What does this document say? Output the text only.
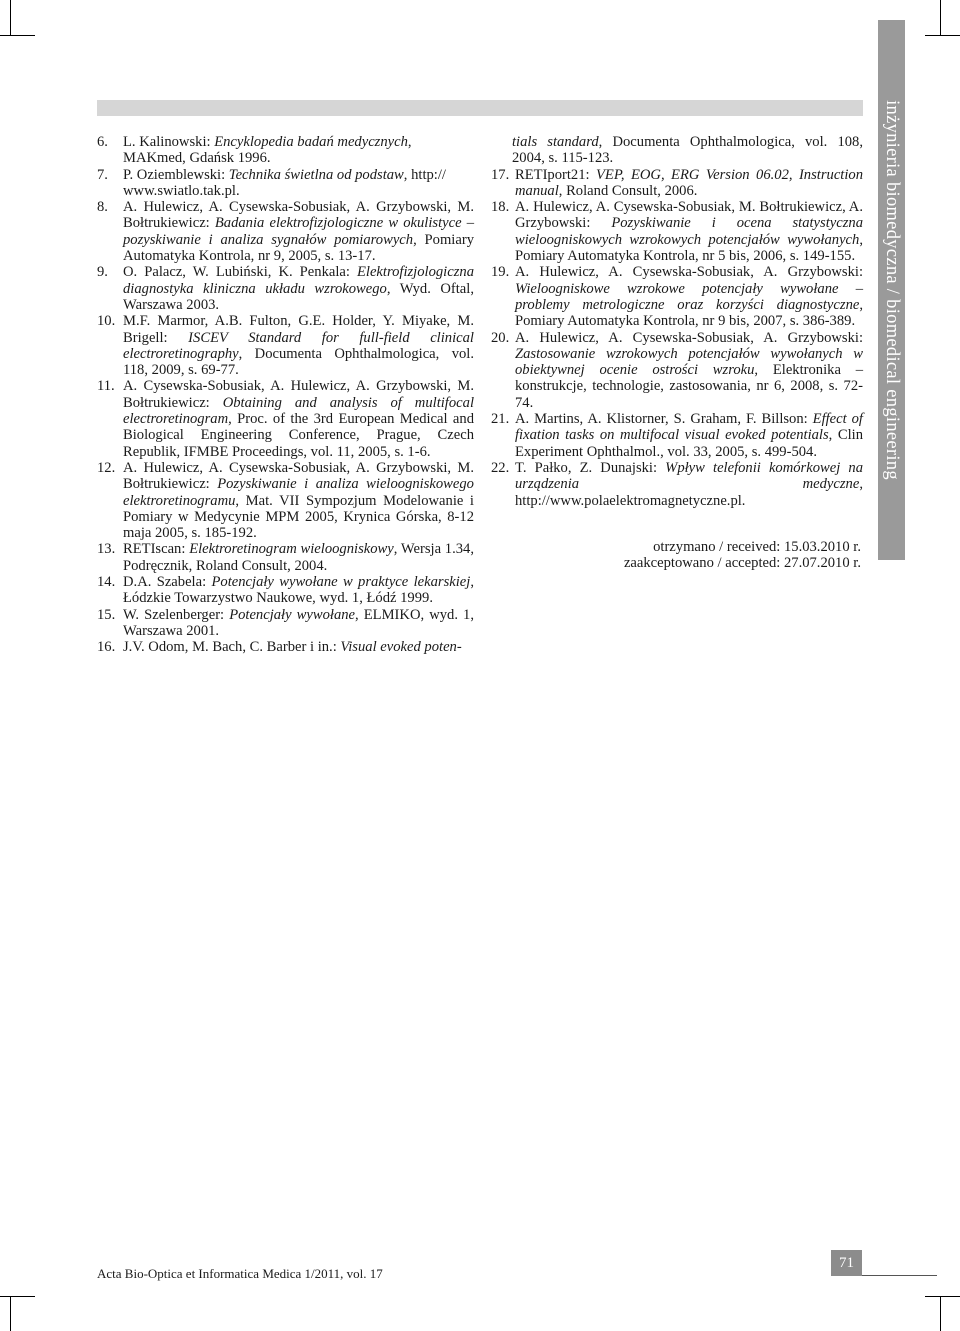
inżynieria biomedyczna / biomedical engineering
6.	L. Kalinowski: Encyklopedia badań medycznych, MAKmed, Gdańsk 1996.
7.	P. Oziemblewski: Technika świetlna od podstaw, http:// www.swiatlo.tak.pl.
8.	A. Hulewicz, A. Cysewska-Sobusiak, A. Grzybowski, M. Bołtrukiewicz: Badania elektrofizjologiczne w okulistyce – pozyskiwanie i analiza sygnałów pomiarowych, Pomiary Automatyka Kontrola, nr 9, 2005, s. 13-17.
9.	O. Palacz, W. Lubiński, K. Penkala: Elektrofizjologiczna diagnostyka kliniczna układu wzrokowego, Wyd. Oftal, Warszawa 2003.
10. M.F. Marmor, A.B. Fulton, G.E. Holder, Y. Miyake, M. Brigell: ISCEV Standard for full-field clinical electroretinography, Documenta Ophthalmologica, vol. 118, 2009, s. 69-77.
11. A. Cysewska-Sobusiak, A. Hulewicz, A. Grzybowski, M. Bołtrukiewicz: Obtaining and analysis of multifocal electroretinogram, Proc. of the 3rd European Medical and Biological Engineering Conference, Prague, Czech Republik, IFMBE Proceedings, vol. 11, 2005, s. 1-6.
12. A. Hulewicz, A. Cysewska-Sobusiak, A. Grzybowski, M. Bołtrukiewicz: Pozyskiwanie i analiza wieloogniskowego elektroretinogramu, Mat. VII Sympozjum Modelowanie i Pomiary w Medycynie MPM 2005, Krynica Górska, 8-12 maja 2005, s. 185-192.
13. RETIscan: Elektroretinogram wieloogniskowy, Wersja 1.34, Podręcznik, Roland Consult, 2004.
14. D.A. Szabela: Potencjały wywołane w praktyce lekarskiej, Łódzkie Towarzystwo Naukowe, wyd. 1, Łódź 1999.
15. W. Szelenberger: Potencjały wywołane, ELMIKO, wyd. 1, Warszawa 2001.
16. J.V. Odom, M. Bach, C. Barber i in.: Visual evoked poten-
tials standard, Documenta Ophthalmologica, vol. 108, 2004, s. 115-123.
17. RETIport21: VEP, EOG, ERG Version 06.02, Instruction manual, Roland Consult, 2006.
18. A. Hulewicz, A. Cysewska-Sobusiak, M. Bołtrukiewicz, A. Grzybowski: Pozyskiwanie i ocena statystyczna wieloogniskowych wzrokowych potencjałów wywołanych, Pomiary Automatyka Kontrola, nr 5 bis, 2006, s. 149-155.
19. A. Hulewicz, A. Cysewska-Sobusiak, A. Grzybowski: Wieloogniskowe wzrokowe potencjały wywołane – problemy metrologiczne oraz korzyści diagnostyczne, Pomiary Automatyka Kontrola, nr 9 bis, 2007, s. 386-389.
20. A. Hulewicz, A. Cysewska-Sobusiak, A. Grzybowski: Zastosowanie wzrokowych potencjałów wywołanych w obiektywnej ocenie ostrości wzroku, Elektronika – konstrukcje, technologie, zastosowania, nr 6, 2008, s. 72-74.
21. A. Martins, A. Klistorner, S. Graham, F. Billson: Effect of fixation tasks on multifocal visual evoked potentials, Clin Experiment Ophthalmol., vol. 33, 2005, s. 499-504.
22. T. Pałko, Z. Dunajski: Wpływ telefonii komórkowej na urządzenia medyczne, http://www.polaelektromagnetyczne.pl.
otrzymano / received: 15.03.2010 r.
zaakceptowano / accepted: 27.07.2010 r.
Acta Bio-Optica et Informatica Medica 1/2011, vol. 17
71
